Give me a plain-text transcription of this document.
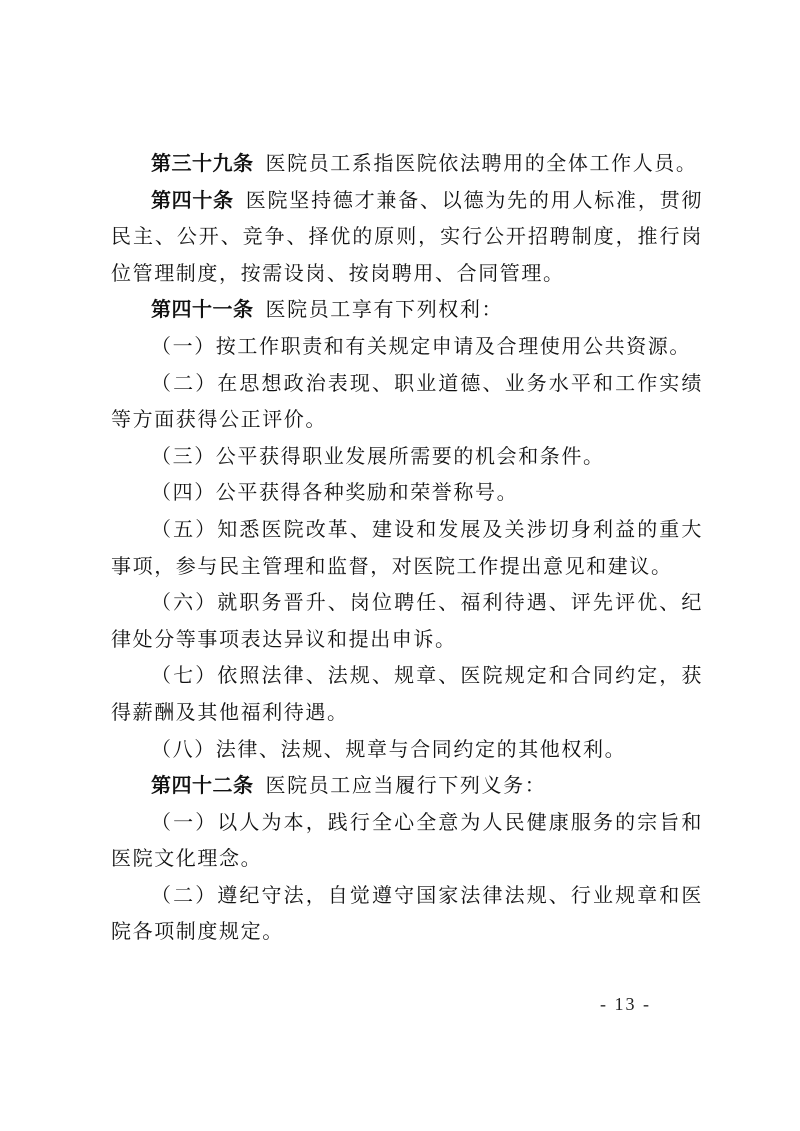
第三十九条 医院员工系指医院依法聘用的全体工作人员。

第四十条 医院坚持德才兼备、以德为先的用人标准，贯彻民主、公开、竞争、择优的原则，实行公开招聘制度，推行岗位管理制度，按需设岗、按岗聘用、合同管理。

第四十一条 医院员工享有下列权利：

（一）按工作职责和有关规定申请及合理使用公共资源。

（二）在思想政治表现、职业道德、业务水平和工作实绩等方面获得公正评价。

（三）公平获得职业发展所需要的机会和条件。

（四）公平获得各种奖励和荣誉称号。

（五）知悉医院改革、建设和发展及关涉切身利益的重大事项，参与民主管理和监督，对医院工作提出意见和建议。

（六）就职务晋升、岗位聘任、福利待遇、评先评优、纪律处分等事项表达异议和提出申诉。

（七）依照法律、法规、规章、医院规定和合同约定，获得薪酬及其他福利待遇。

（八）法律、法规、规章与合同约定的其他权利。

第四十二条 医院员工应当履行下列义务：

（一）以人为本，践行全心全意为人民健康服务的宗旨和医院文化理念。

（二）遵纪守法，自觉遵守国家法律法规、行业规章和医院各项制度规定。

- 13 -
